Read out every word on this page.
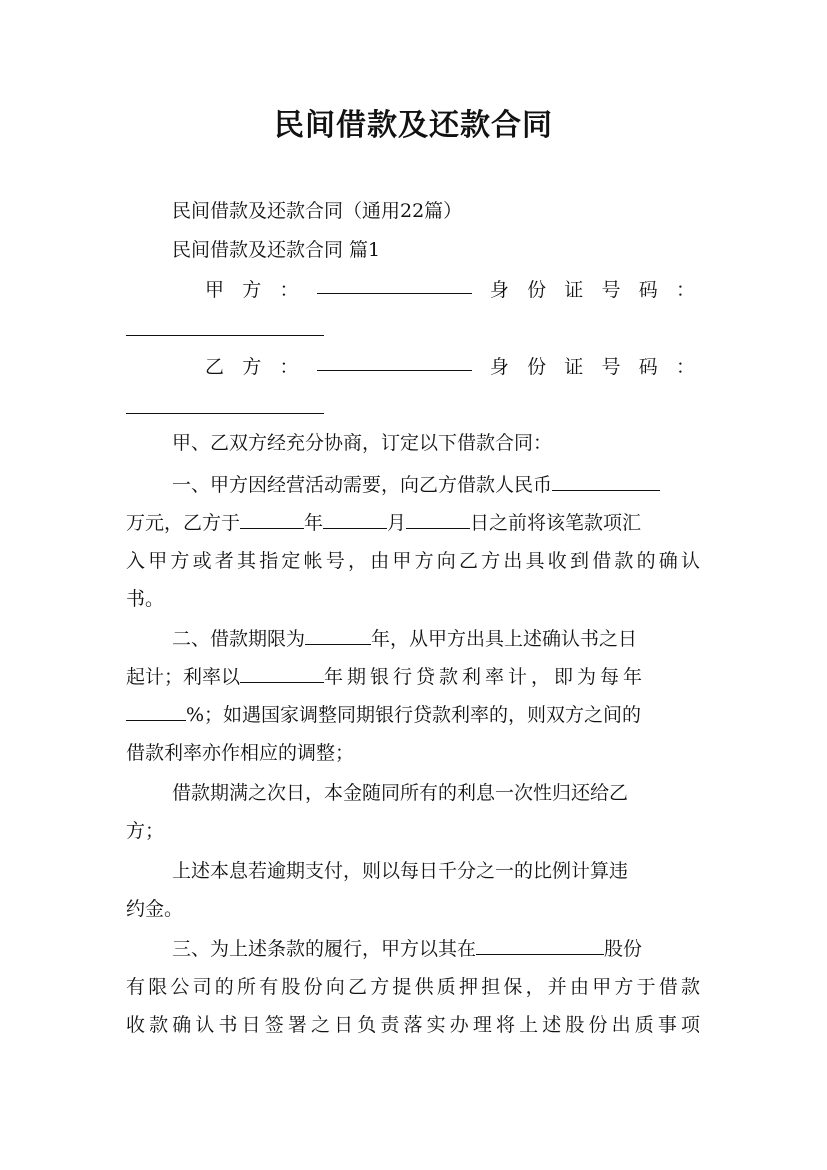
民间借款及还款合同
民间借款及还款合同（通用22篇）
民间借款及还款合同 篇1
甲 方 ：	身 份 证 号 码 ：
乙 方 ：	身 份 证 号 码 ：
甲、乙双方经充分协商，订定以下借款合同：
一、甲方因经营活动需要，向乙方借款人民币
万元，乙方于	年	月	日之前将该笔款项汇
入甲方或者其指定帐号，由甲方向乙方出具收到借款的确认
书。
二、借款期限为	年，从甲方出具上述确认书之日
起计；利率以	年期银行贷款利率计，即为每年
%；如遇国家调整同期银行贷款利率的，则双方之间的
借款利率亦作相应的调整；
借款期满之次日，本金随同所有的利息一次性归还给乙
方；
上述本息若逾期支付，则以每日千分之一的比例计算违
约金。
三、为上述条款的履行，甲方以其在	股份
有限公司的所有股份向乙方提供质押担保，并由甲方于借款
收款确认书日签署之日负责落实办理将上述股份出质事项
